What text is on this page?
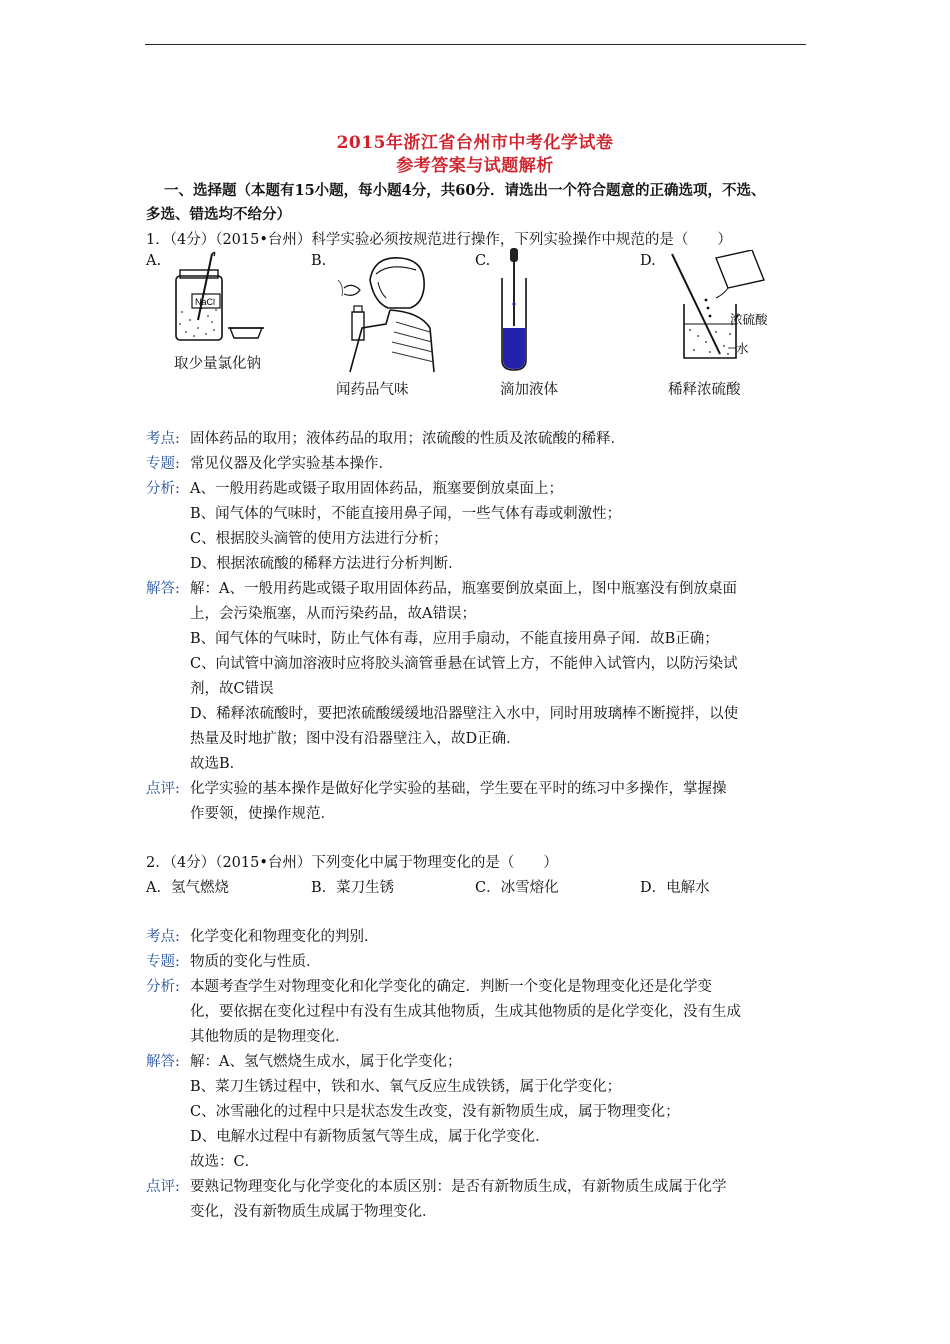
2015年浙江省台州市中考化学试卷
参考答案与试题解析
一、选择题（本题有15小题，每小题4分，共60分．请选出一个符合题意的正确选项，不选、
多选、错选均不给分）
1．（4分）（2015•台州）科学实验必须按规范进行操作，下列实验操作中规范的是（　　）
A.	B.	C.	D.
NaCl
取少量氯化钠
闻药品气味	滴加液体
浓硫酸
水
稀释浓硫酸
考点: 固体药品的取用；液体药品的取用；浓硫酸的性质及浓硫酸的稀释．
专题: 常见仪器及化学实验基本操作．
分析: A、一般用药匙或镊子取用固体药品，瓶塞要倒放桌面上；
B、闻气体的气味时，不能直接用鼻子闻，一些气体有毒或刺激性；
C、根据胶头滴管的使用方法进行分析；
D、根据浓硫酸的稀释方法进行分析判断．
解答: 解：A、一般用药匙或镊子取用固体药品，瓶塞要倒放桌面上，图中瓶塞没有倒放桌面
上，会污染瓶塞，从而污染药品，故A错误；
B、闻气体的气味时，防止气体有毒，应用手扇动，不能直接用鼻子闻．故B正确；
C、向试管中滴加溶液时应将胶头滴管垂悬在试管上方，不能伸入试管内，以防污染试
剂，故C错误
D、稀释浓硫酸时，要把浓硫酸缓缓地沿器壁注入水中，同时用玻璃棒不断搅拌，以使
热量及时地扩散；图中没有沿器壁注入，故D正确．
故选B．
点评: 化学实验的基本操作是做好化学实验的基础，学生要在平时的练习中多操作，掌握操
作要领，使操作规范．
2．（4分）（2015•台州）下列变化中属于物理变化的是（　　）
A．氢气燃烧	B．菜刀生锈	C．冰雪熔化	D．电解水
考点: 化学变化和物理变化的判别．
专题: 物质的变化与性质．
分析: 本题考查学生对物理变化和化学变化的确定．判断一个变化是物理变化还是化学变
化，要依据在变化过程中有没有生成其他物质，生成其他物质的是化学变化，没有生成
其他物质的是物理变化．
解答: 解：A、氢气燃烧生成水，属于化学变化；
B、菜刀生锈过程中，铁和水、氧气反应生成铁锈，属于化学变化；
C、冰雪融化的过程中只是状态发生改变，没有新物质生成，属于物理变化；
D、电解水过程中有新物质氢气等生成，属于化学变化．
故选：C．
点评: 要熟记物理变化与化学变化的本质区别：是否有新物质生成，有新物质生成属于化学
变化，没有新物质生成属于物理变化．
